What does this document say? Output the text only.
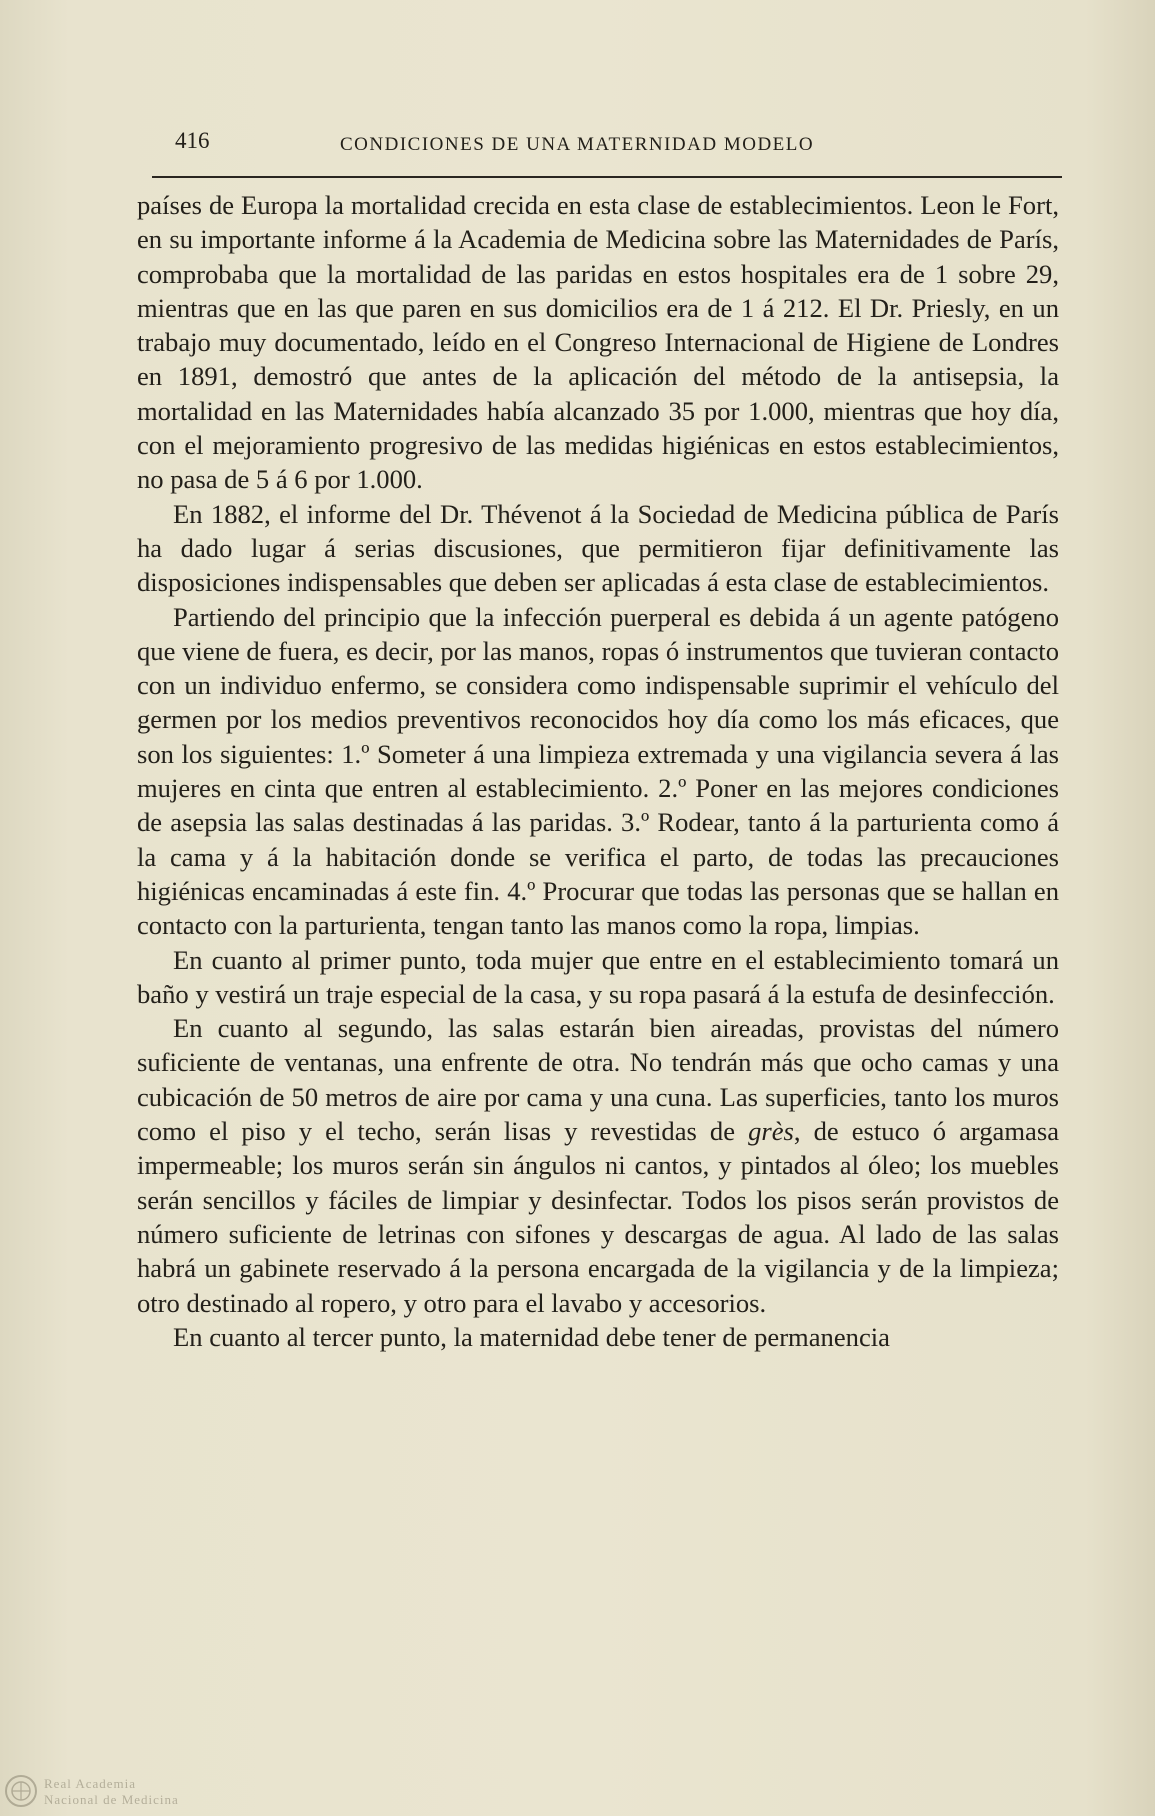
416	CONDICIONES DE UNA MATERNIDAD MODELO

países de Europa la mortalidad crecida en esta clase de establecimientos. Leon le Fort, en su importante informe á la Academia de Medicina sobre las Maternidades de París, comprobaba que la mortalidad de las paridas en estos hospitales era de 1 sobre 29, mientras que en las que paren en sus domicilios era de 1 á 212. El Dr. Priesly, en un trabajo muy documentado, leído en el Congreso Internacional de Higiene de Londres en 1891, demostró que antes de la aplicación del método de la antisepsia, la mortalidad en las Maternidades había alcanzado 35 por 1.000, mientras que hoy día, con el mejoramiento progresivo de las medidas higiénicas en estos establecimientos, no pasa de 5 á 6 por 1.000.

En 1882, el informe del Dr. Thévenot á la Sociedad de Medicina pública de París ha dado lugar á serias discusiones, que permitieron fijar definitivamente las disposiciones indispensables que deben ser aplicadas á esta clase de establecimientos.

Partiendo del principio que la infección puerperal es debida á un agente patógeno que viene de fuera, es decir, por las manos, ropas ó instrumentos que tuvieran contacto con un individuo enfermo, se considera como indispensable suprimir el vehículo del germen por los medios preventivos reconocidos hoy día como los más eficaces, que son los siguientes: 1.º Someter á una limpieza extremada y una vigilancia severa á las mujeres en cinta que entren al establecimiento. 2.º Poner en las mejores condiciones de asepsia las salas destinadas á las paridas. 3.º Rodear, tanto á la parturienta como á la cama y á la habitación donde se verifica el parto, de todas las precauciones higiénicas encaminadas á este fin. 4.º Procurar que todas las personas que se hallan en contacto con la parturienta, tengan tanto las manos como la ropa, limpias.

En cuanto al primer punto, toda mujer que entre en el establecimiento tomará un baño y vestirá un traje especial de la casa, y su ropa pasará á la estufa de desinfección.

En cuanto al segundo, las salas estarán bien aireadas, provistas del número suficiente de ventanas, una enfrente de otra. No tendrán más que ocho camas y una cubicación de 50 metros de aire por cama y una cuna. Las superficies, tanto los muros como el piso y el techo, serán lisas y revestidas de grès, de estuco ó argamasa impermeable; los muros serán sin ángulos ni cantos, y pintados al óleo; los muebles serán sencillos y fáciles de limpiar y desinfectar. Todos los pisos serán provistos de número suficiente de letrinas con sifones y descargas de agua. Al lado de las salas habrá un gabinete reservado á la persona encargada de la vigilancia y de la limpieza; otro destinado al ropero, y otro para el lavabo y accesorios.

En cuanto al tercer punto, la maternidad debe tener de permanencia

Real Academia
Nacional de Medicina
